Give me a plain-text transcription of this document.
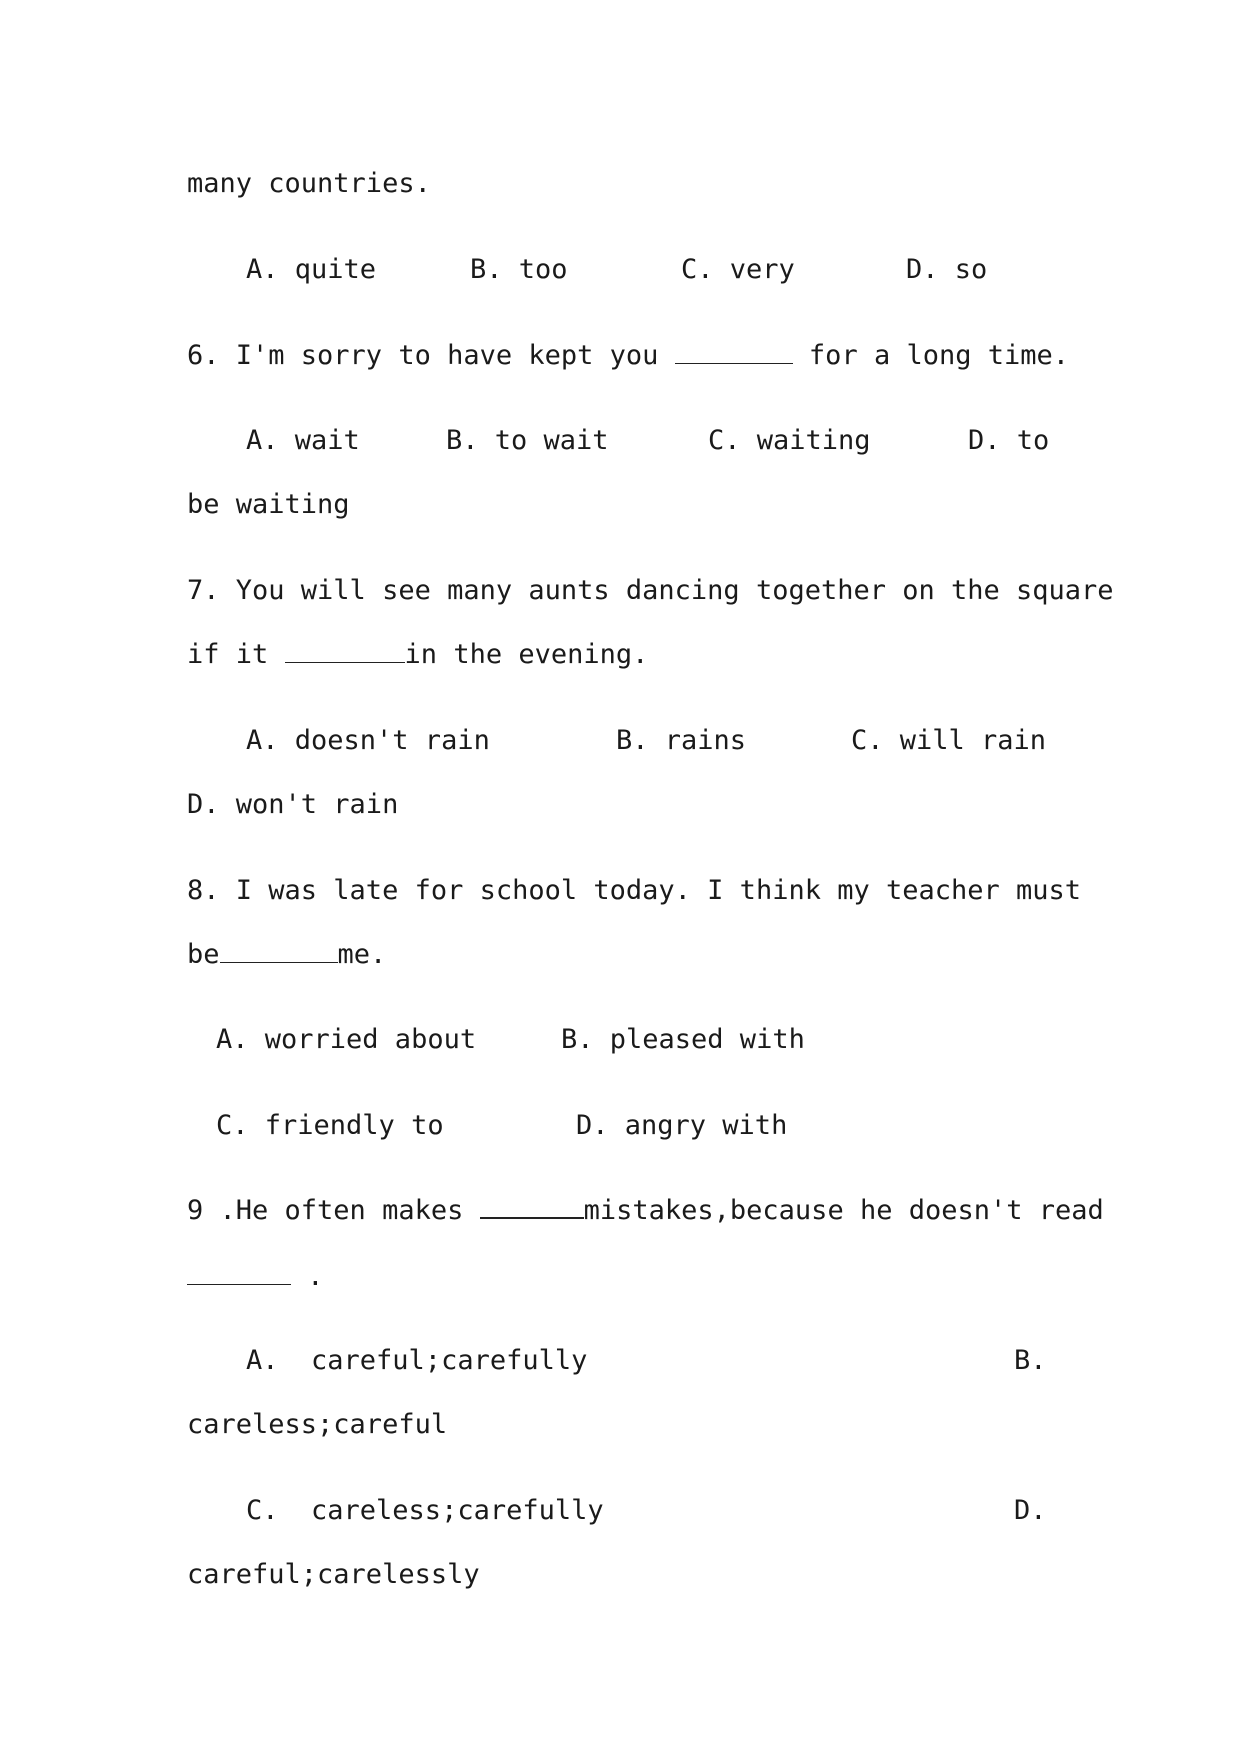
many countries.
A. quite	B. too	C. very	D. so
6. I'm sorry to have kept you	for a long time.
A. wait	B. to wait	C. waiting	D. to
be waiting
7. You will see many aunts dancing together on the square
if it	in the evening.
A. doesn't rain	B. rains	C. will rain
D. won't rain
8. I was late for school today. I think my teacher must
be	me.
A. worried about	B. pleased with
C. friendly to	D. angry with
9 .He often makes	mistakes,because he doesn't read
.
A.  careful;carefully	B.
careless;careful
C.  careless;carefully	D.
careful;carelessly
